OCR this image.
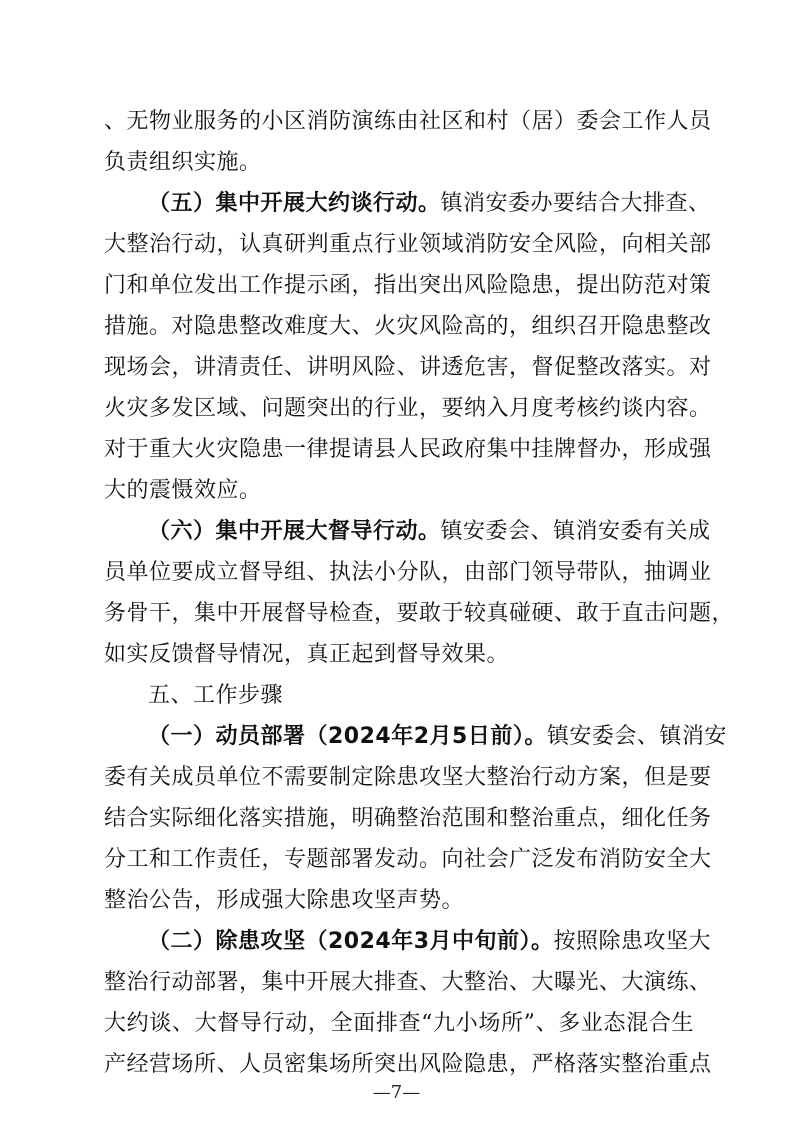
、无物业服务的小区消防演练由社区和村（居）委会工作人员
负责组织实施。
（五）集中开展大约谈行动。镇消安委办要结合大排查、
大整治行动，认真研判重点行业领域消防安全风险，向相关部
门和单位发出工作提示函，指出突出风险隐患，提出防范对策
措施。对隐患整改难度大、火灾风险高的，组织召开隐患整改
现场会，讲清责任、讲明风险、讲透危害，督促整改落实。对
火灾多发区域、问题突出的行业，要纳入月度考核约谈内容。
对于重大火灾隐患一律提请县人民政府集中挂牌督办，形成强
大的震慑效应。
（六）集中开展大督导行动。镇安委会、镇消安委有关成
员单位要成立督导组、执法小分队，由部门领导带队，抽调业
务骨干，集中开展督导检查，要敢于较真碰硬、敢于直击问题，
如实反馈督导情况，真正起到督导效果。
五、工作步骤
（一）动员部署（2024年2月5日前）。镇安委会、镇消安
委有关成员单位不需要制定除患攻坚大整治行动方案，但是要
结合实际细化落实措施，明确整治范围和整治重点，细化任务
分工和工作责任，专题部署发动。向社会广泛发布消防安全大
整治公告，形成强大除患攻坚声势。
（二）除患攻坚（2024年3月中旬前）。按照除患攻坚大
整治行动部署，集中开展大排查、大整治、大曝光、大演练、
大约谈、大督导行动，全面排查“九小场所”、多业态混合生
产经营场所、人员密集场所突出风险隐患，严格落实整治重点
—7—
